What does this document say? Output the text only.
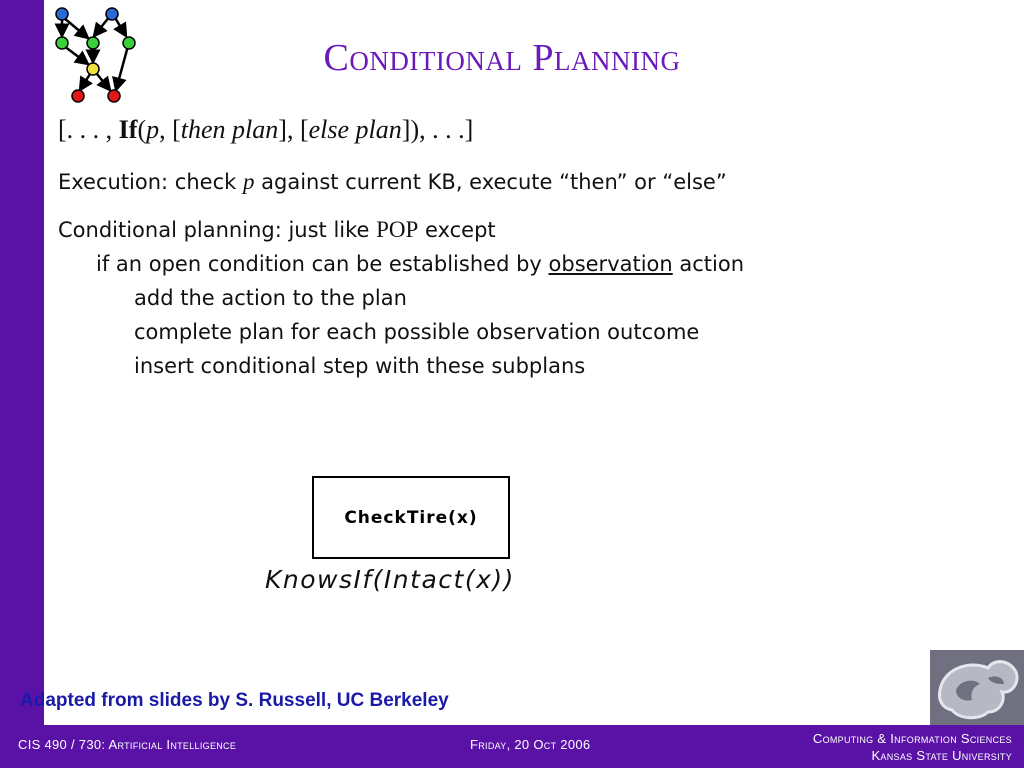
Conditional Planning
[. . . , If(p, [then plan], [else plan]), . . .]
Execution: check p against current KB, execute “then” or “else”
Conditional planning: just like POP except
if an open condition can be established by observation action
add the action to the plan
complete plan for each possible observation outcome
insert conditional step with these subplans
CheckTire(x)
KnowsIf(Intact(x))
Adapted from slides by S. Russell, UC Berkeley
CIS 490 / 730: Artificial Intelligence	Friday, 20 Oct 2006	Computing & Information Sciences
Kansas State University
